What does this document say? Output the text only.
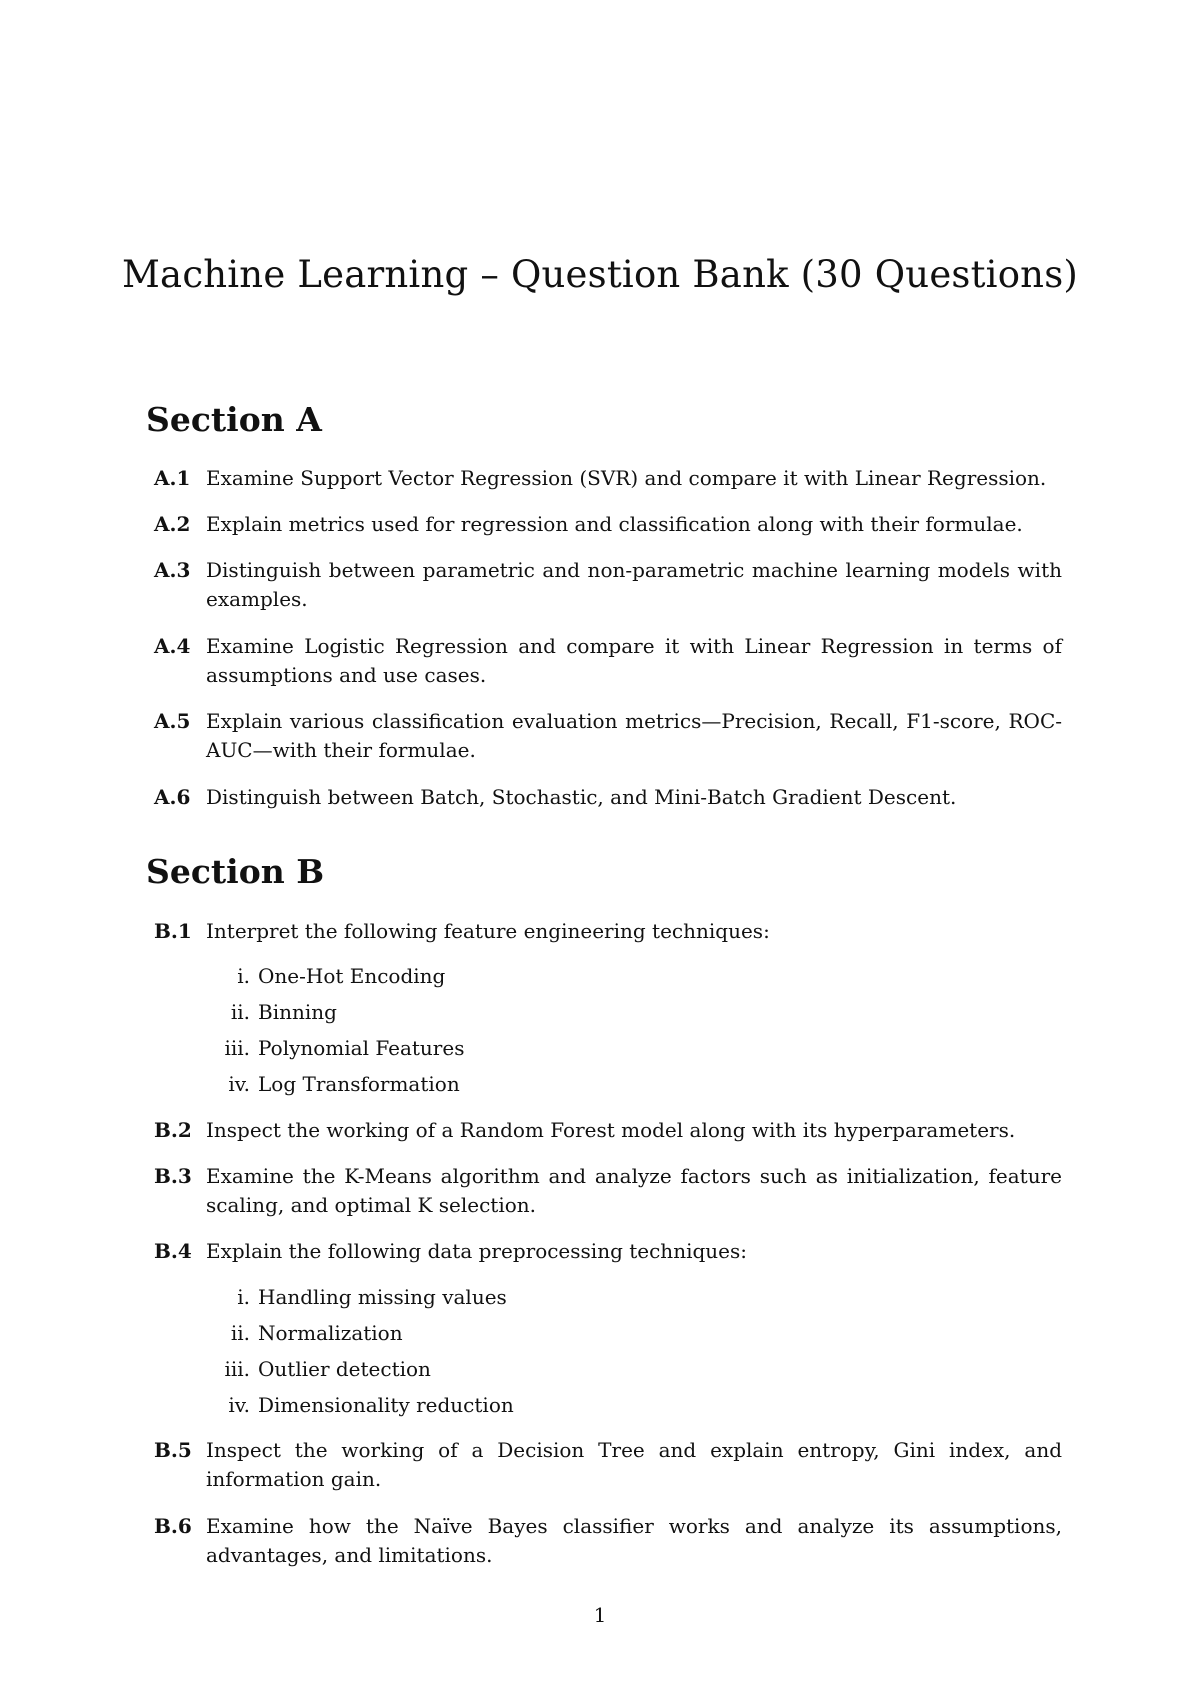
Machine Learning – Question Bank (30 Questions)
Section A
A.1 Examine Support Vector Regression (SVR) and compare it with Linear Regression.
A.2 Explain metrics used for regression and classification along with their formulae.
A.3 Distinguish between parametric and non-parametric machine learning models with examples.
A.4 Examine Logistic Regression and compare it with Linear Regression in terms of assumptions and use cases.
A.5 Explain various classification evaluation metrics—Precision, Recall, F1-score, ROC-AUC—with their formulae.
A.6 Distinguish between Batch, Stochastic, and Mini-Batch Gradient Descent.
Section B
B.1 Interpret the following feature engineering techniques:
i. One-Hot Encoding
ii. Binning
iii. Polynomial Features
iv. Log Transformation
B.2 Inspect the working of a Random Forest model along with its hyperparameters.
B.3 Examine the K-Means algorithm and analyze factors such as initialization, feature scaling, and optimal K selection.
B.4 Explain the following data preprocessing techniques:
i. Handling missing values
ii. Normalization
iii. Outlier detection
iv. Dimensionality reduction
B.5 Inspect the working of a Decision Tree and explain entropy, Gini index, and information gain.
B.6 Examine how the Naïve Bayes classifier works and analyze its assumptions, advantages, and limitations.
1
